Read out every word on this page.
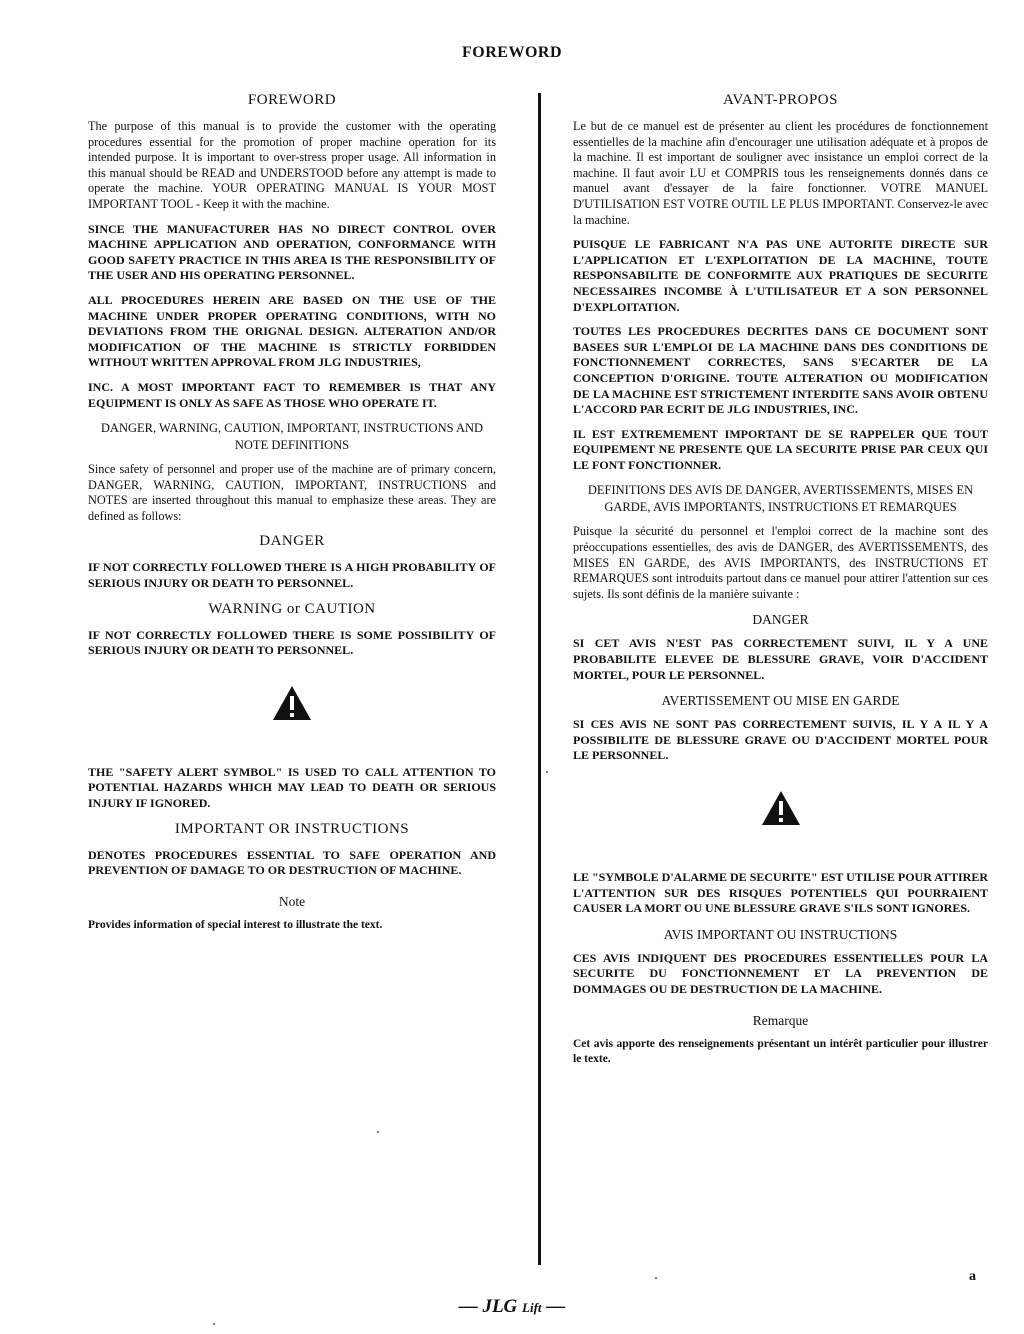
FOREWORD
FOREWORD

The purpose of this manual is to provide the customer with the operating procedures essential for the promotion of proper machine operation for its intended purpose. It is important to over-stress proper usage. All information in this manual should be READ and UNDERSTOOD before any attempt is made to operate the machine. YOUR OPERATING MANUAL IS YOUR MOST IMPORTANT TOOL - Keep it with the machine.

SINCE THE MANUFACTURER HAS NO DIRECT CONTROL OVER MACHINE APPLICATION AND OPERATION, CONFORMANCE WITH GOOD SAFETY PRACTICE IN THIS AREA IS THE RESPONSIBILITY OF THE USER AND HIS OPERATING PERSONNEL.

ALL PROCEDURES HEREIN ARE BASED ON THE USE OF THE MACHINE UNDER PROPER OPERATING CONDITIONS, WITH NO DEVIATIONS FROM THE ORIGNAL DESIGN. ALTERATION AND/OR MODIFICATION OF THE MACHINE IS STRICTLY FORBIDDEN WITHOUT WRITTEN APPROVAL FROM JLG INDUSTRIES,

INC. A MOST IMPORTANT FACT TO REMEMBER IS THAT ANY EQUIPMENT IS ONLY AS SAFE AS THOSE WHO OPERATE IT.

DANGER, WARNING, CAUTION, IMPORTANT, INSTRUCTIONS AND NOTE DEFINITIONS

Since safety of personnel and proper use of the machine are of primary concern, DANGER, WARNING, CAUTION, IMPORTANT, INSTRUCTIONS and NOTES are inserted throughout this manual to emphasize these areas. They are defined as follows:

DANGER

IF NOT CORRECTLY FOLLOWED THERE IS A HIGH PROBABILITY OF SERIOUS INJURY OR DEATH TO PERSONNEL.

WARNING or CAUTION

IF NOT CORRECTLY FOLLOWED THERE IS SOME POSSIBILITY OF SERIOUS INJURY OR DEATH TO PERSONNEL.

THE "SAFETY ALERT SYMBOL" IS USED TO CALL ATTENTION TO POTENTIAL HAZARDS WHICH MAY LEAD TO DEATH OR SERIOUS INJURY IF IGNORED.

IMPORTANT OR INSTRUCTIONS

DENOTES PROCEDURES ESSENTIAL TO SAFE OPERATION AND PREVENTION OF DAMAGE TO OR DESTRUCTION OF MACHINE.

Note

Provides information of special interest to illustrate the text.

AVANT-PROPOS

Le but de ce manuel est de présenter au client les procédures de fonctionnement essentielles de la machine afin d'encourager une utilisation adéquate et à propos de la machine. Il est important de souligner avec insistance un emploi correct de la machine. Il faut avoir LU et COMPRIS tous les renseignements donnés dans ce manuel avant d'essayer de la faire fonctionner. VOTRE MANUEL D'UTILISATION EST VOTRE OUTIL LE PLUS IMPORTANT. Conservez-le avec la machine.

PUISQUE LE FABRICANT N'A PAS UNE AUTORITE DIRECTE SUR L'APPLICATION ET L'EXPLOITATION DE LA MACHINE, TOUTE RESPONSABILITE DE CONFORMITE AUX PRATIQUES DE SECURITE NECESSAIRES INCOMBE À L'UTILISATEUR ET A SON PERSONNEL D'EXPLOITATION.

TOUTES LES PROCEDURES DECRITES DANS CE DOCUMENT SONT BASEES SUR L'EMPLOI DE LA MACHINE DANS DES CONDITIONS DE FONCTIONNEMENT CORRECTES, SANS S'ECARTER DE LA CONCEPTION D'ORIGINE. TOUTE ALTERATION OU MODIFICATION DE LA MACHINE EST STRICTEMENT INTERDITE SANS AVOIR OBTENU L'ACCORD PAR ECRIT DE JLG INDUSTRIES, INC.

IL EST EXTREMEMENT IMPORTANT DE SE RAPPELER QUE TOUT EQUIPEMENT NE PRESENTE QUE LA SECURITE PRISE PAR CEUX QUI LE FONT FONCTIONNER.

DEFINITIONS DES AVIS DE DANGER, AVERTISSEMENTS, MISES EN GARDE, AVIS IMPORTANTS, INSTRUCTIONS ET REMARQUES

Puisque la sécurité du personnel et l'emploi correct de la machine sont des préoccupations essentielles, des avis de DANGER, des AVERTISSEMENTS, des MISES EN GARDE, des AVIS IMPORTANTS, des INSTRUCTIONS ET REMARQUES sont introduits partout dans ce manuel pour attirer l'attention sur ces sujets. Ils sont définis de la manière suivante :

DANGER

SI CET AVIS N'EST PAS CORRECTEMENT SUIVI, IL Y A UNE PROBABILITE ELEVEE DE BLESSURE GRAVE, VOIR D'ACCIDENT MORTEL, POUR LE PERSONNEL.

AVERTISSEMENT OU MISE EN GARDE

SI CES AVIS NE SONT PAS CORRECTEMENT SUIVIS, IL Y A IL Y A POSSIBILITE DE BLESSURE GRAVE OU D'ACCIDENT MORTEL POUR LE PERSONNEL.

LE "SYMBOLE D'ALARME DE SECURITE" EST UTILISE POUR ATTIRER L'ATTENTION SUR DES RISQUES POTENTIELS QUI POURRAIENT CAUSER LA MORT OU UNE BLESSURE GRAVE S'ILS SONT IGNORES.

AVIS IMPORTANT OU INSTRUCTIONS

CES AVIS INDIQUENT DES PROCEDURES ESSENTIELLES POUR LA SECURITE DU FONCTIONNEMENT ET LA PREVENTION DE DOMMAGES OU DE DESTRUCTION DE LA MACHINE.

Remarque

Cet avis apporte des renseignements présentant un intérêt particulier pour illustrer le texte.

a
— JLG Lift —
